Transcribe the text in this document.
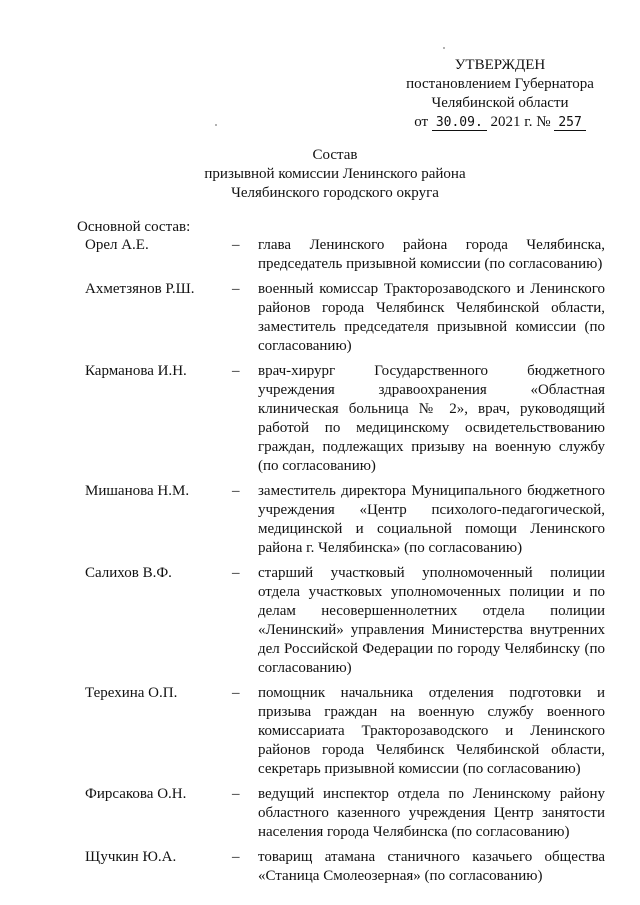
УТВЕРЖДЕН
постановлением Губернатора
Челябинской области
от 30.09. 2021 г. № 257
Состав
призывной комиссии Ленинского района
Челябинского городского округа
Основной состав:
Орел А.Е.	–	глава Ленинского района города Челябинска, председатель призывной комиссии (по согласованию)
Ахметзянов Р.Ш.	–	военный комиссар Тракторозаводского и Ленинского районов города Челябинск Челябинской области, заместитель председателя призывной комиссии (по согласованию)
Карманова И.Н.	–	врач-хирург Государственного бюджетного учреждения здравоохранения «Областная клиническая больница № 2», врач, руководящий работой по медицинскому освидетельствованию граждан, подлежащих призыву на военную службу (по согласованию)
Мишанова Н.М.	–	заместитель директора Муниципального бюджетного учреждения «Центр психолого-педагогической, медицинской и социальной помощи Ленинского района г. Челябинска» (по согласованию)
Салихов В.Ф.	–	старший участковый уполномоченный полиции отдела участковых уполномоченных полиции и по делам несовершеннолетних отдела полиции «Ленинский» управления Министерства внутренних дел Российской Федерации по городу Челябинску (по согласованию)
Терехина О.П.	–	помощник начальника отделения подготовки и призыва граждан на военную службу военного комиссариата Тракторозаводского и Ленинского районов города Челябинск Челябинской области, секретарь призывной комиссии (по согласованию)
Фирсакова О.Н.	–	ведущий инспектор отдела по Ленинскому району областного казенного учреждения Центр занятости населения города Челябинска (по согласованию)
Щучкин Ю.А.	–	товарищ атамана станичного казачьего общества «Станица Смолеозерная» (по согласованию)
